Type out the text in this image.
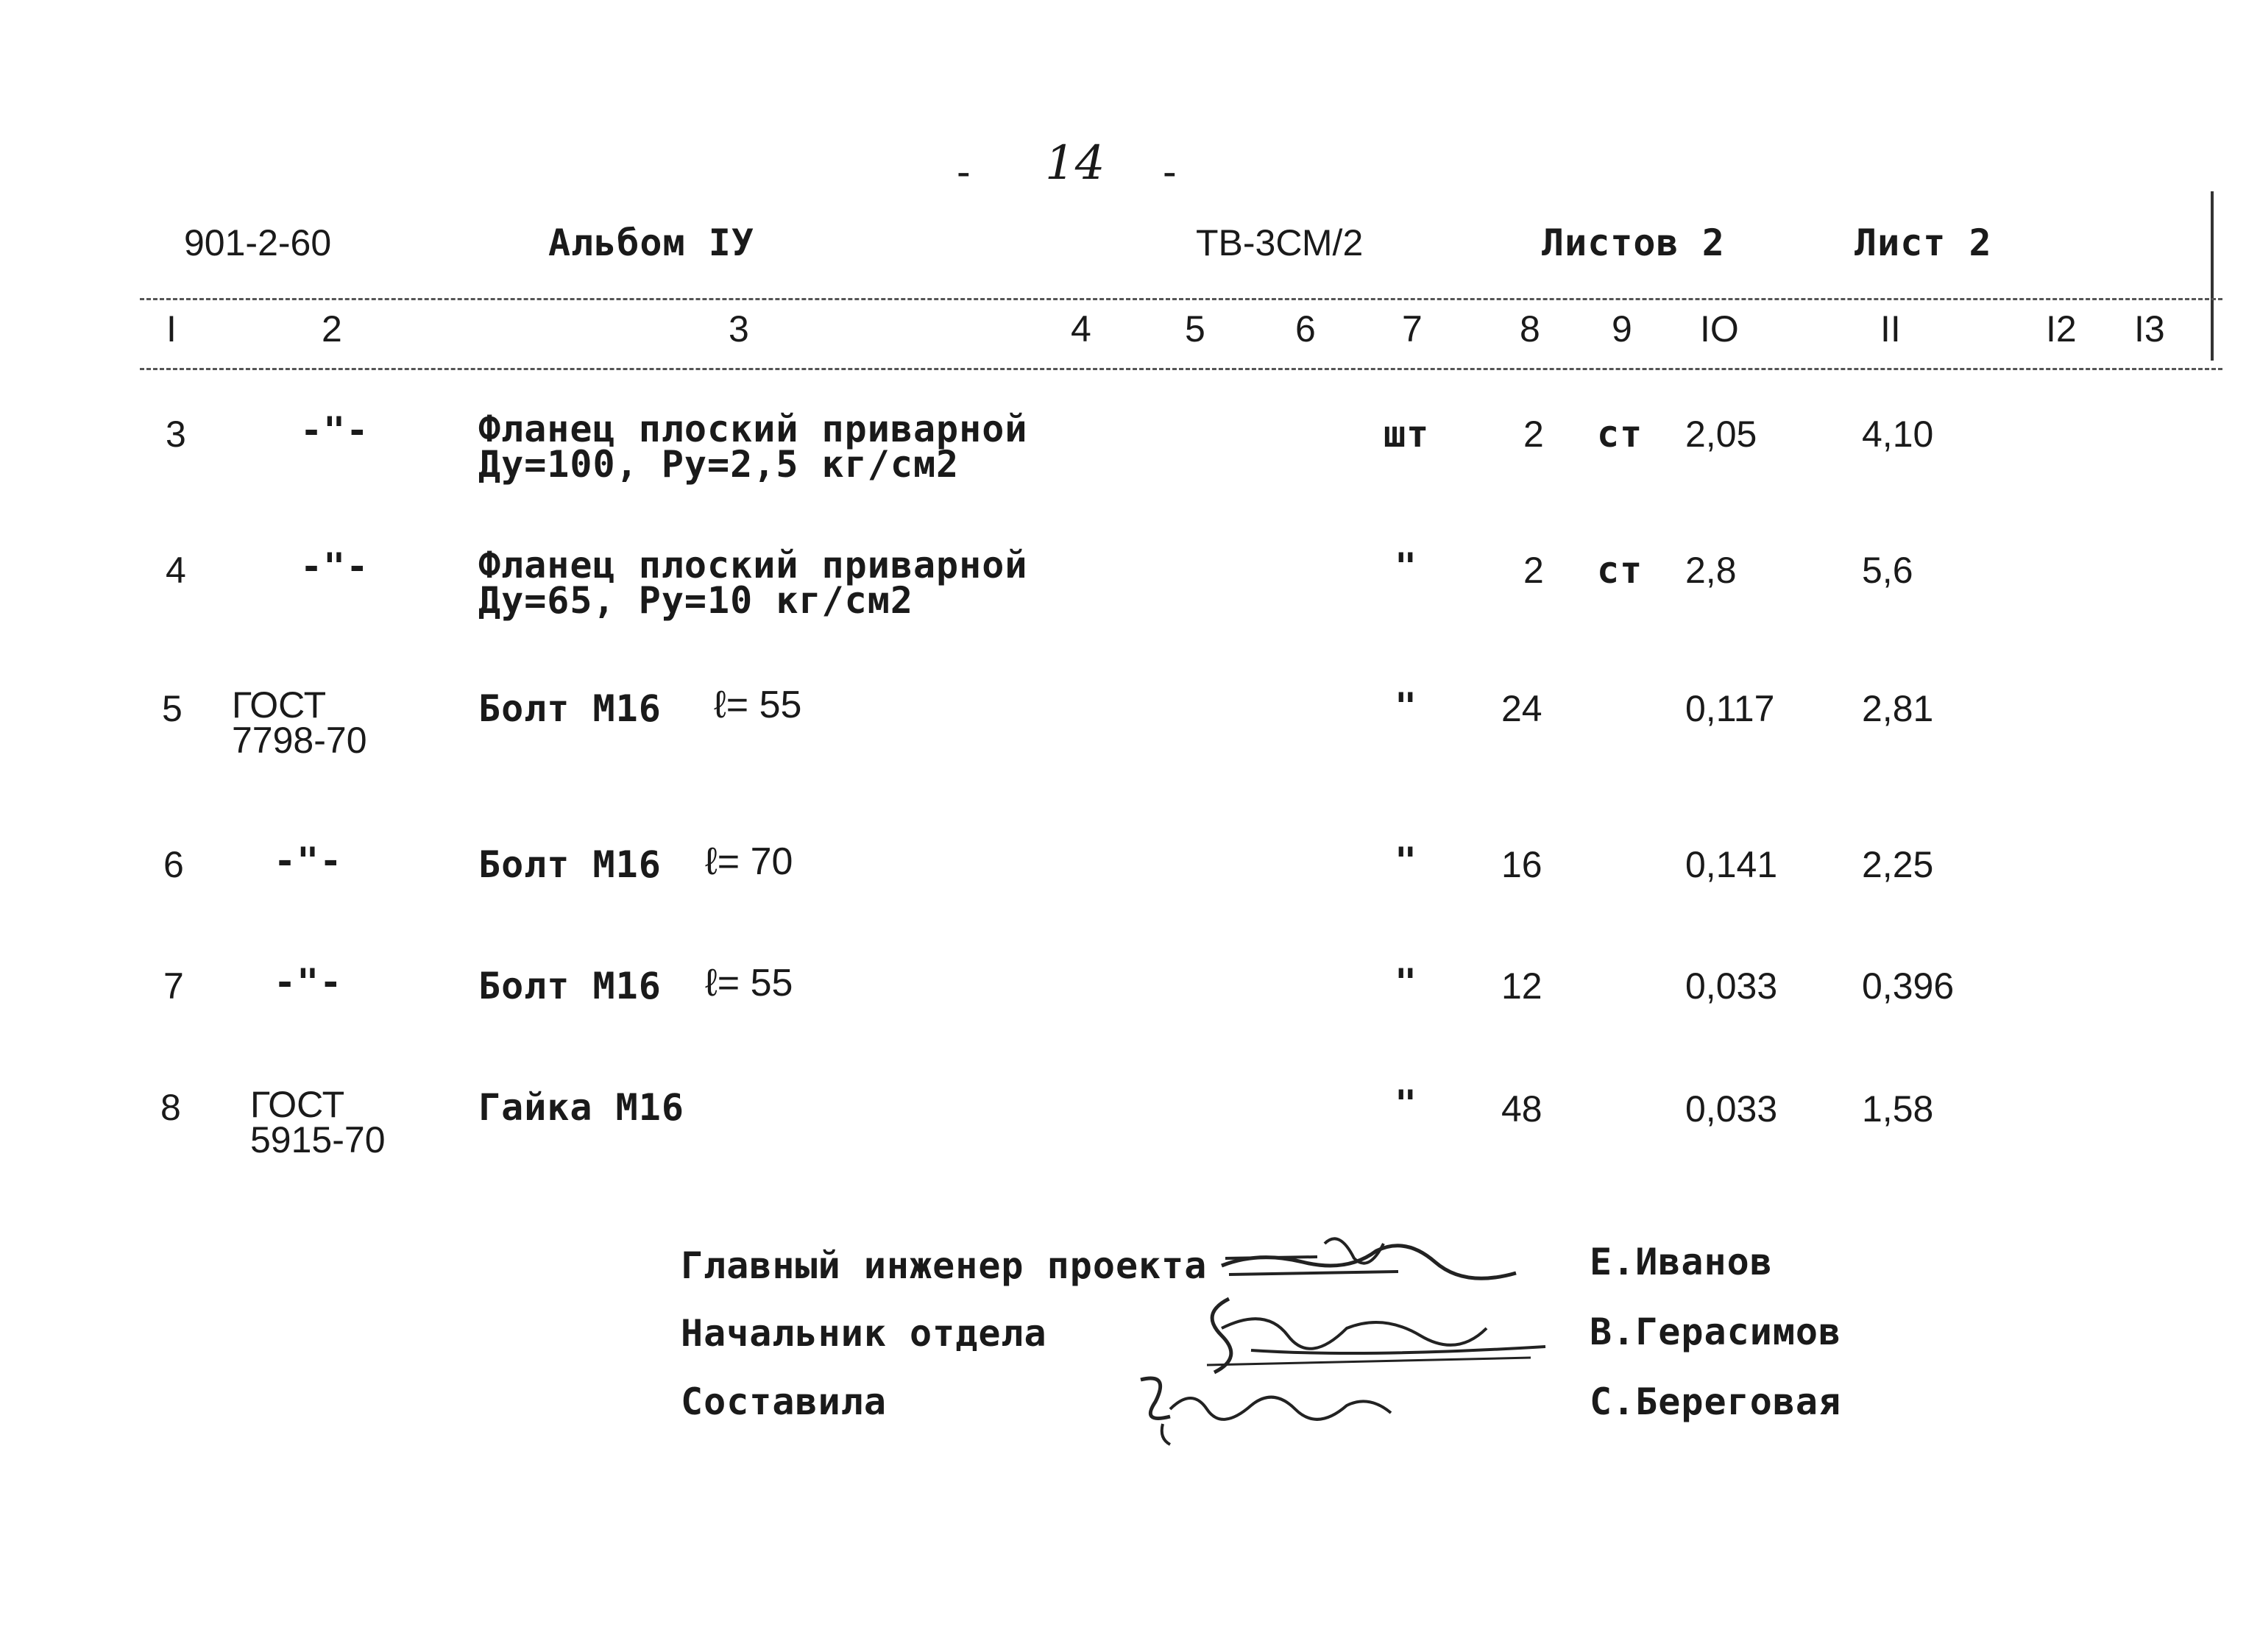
- 14 -
901-2-60	Альбом IУ	ТВ-3СМ/2	Листов 2	Лист 2
I	2	3	4	5 6 7	8 9 IO	II	I2 I3
3	-"-	Фланец плоский приварной
Ду=100, Ру=2,5 кг/см2
шт	2 ст 2,05	4,10
4	-"-	Фланец плоский приварной
Ду=65, Ру=10 кг/см2
"	2 ст 2,8	5,6
5 ГОСТ
7798-70
Болт М16 ℓ= 55	" 24	0,117 2,81
6 -"-	Болт М16 ℓ= 70	" 16	0,141 2,25
7 -"-	Болт М16 ℓ= 55	" 12	0,033 0,396
8 ГОСТ
5915-70
Гайка М16	" 48	0,033 1,58
Главный инженер проекта	Е.Иванов
Начальник отдела	В.Герасимов
Составила	С.Береговая
